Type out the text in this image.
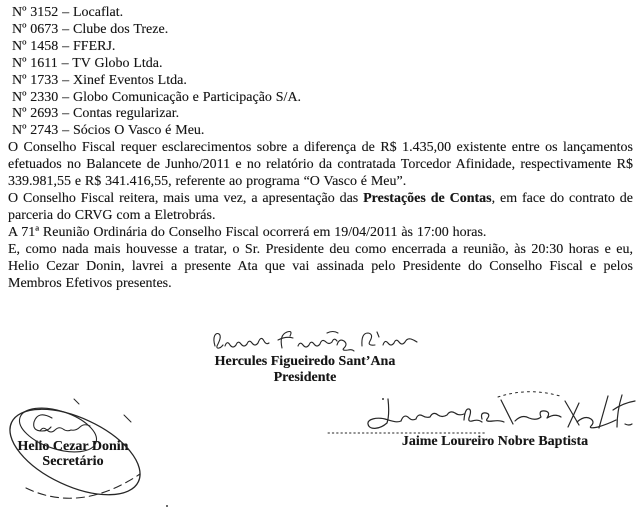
Nº 3152 – Locaflat.
Nº 0673 – Clube dos Treze.
Nº 1458 – FFERJ.
Nº 1611 – TV Globo Ltda.
Nº 1733 – Xinef Eventos Ltda.
Nº 2330 – Globo Comunicação e Participação S/A.
Nº 2693 – Contas regularizar.
Nº 2743 – Sócios O Vasco é Meu.

O Conselho Fiscal requer esclarecimentos sobre a diferença de R$ 1.435,00 existente entre os lançamentos efetuados no Balancete de Junho/2011 e no relatório da contratada Torcedor Afinidade, respectivamente R$ 339.981,55 e R$ 341.416,55, referente ao programa “O Vasco é Meu”.

O Conselho Fiscal reitera, mais uma vez, a apresentação das Prestações de Contas, em face do contrato de parceria do CRVG com a Eletrobrás.

A 71ª Reunião Ordinária do Conselho Fiscal ocorrerá em 19/04/2011 às 17:00 horas.

E, como nada mais houvesse a tratar, o Sr. Presidente deu como encerrada a reunião, às 20:30 horas e eu, Helio Cezar Donin, lavrei a presente Ata que vai assinada pelo Presidente do Conselho Fiscal e pelos Membros Efetivos presentes.

Hercules Figueiredo Sant’Ana
Presidente
Helio Cezar Donin
Secretário
Jaime Loureiro Nobre Baptista
